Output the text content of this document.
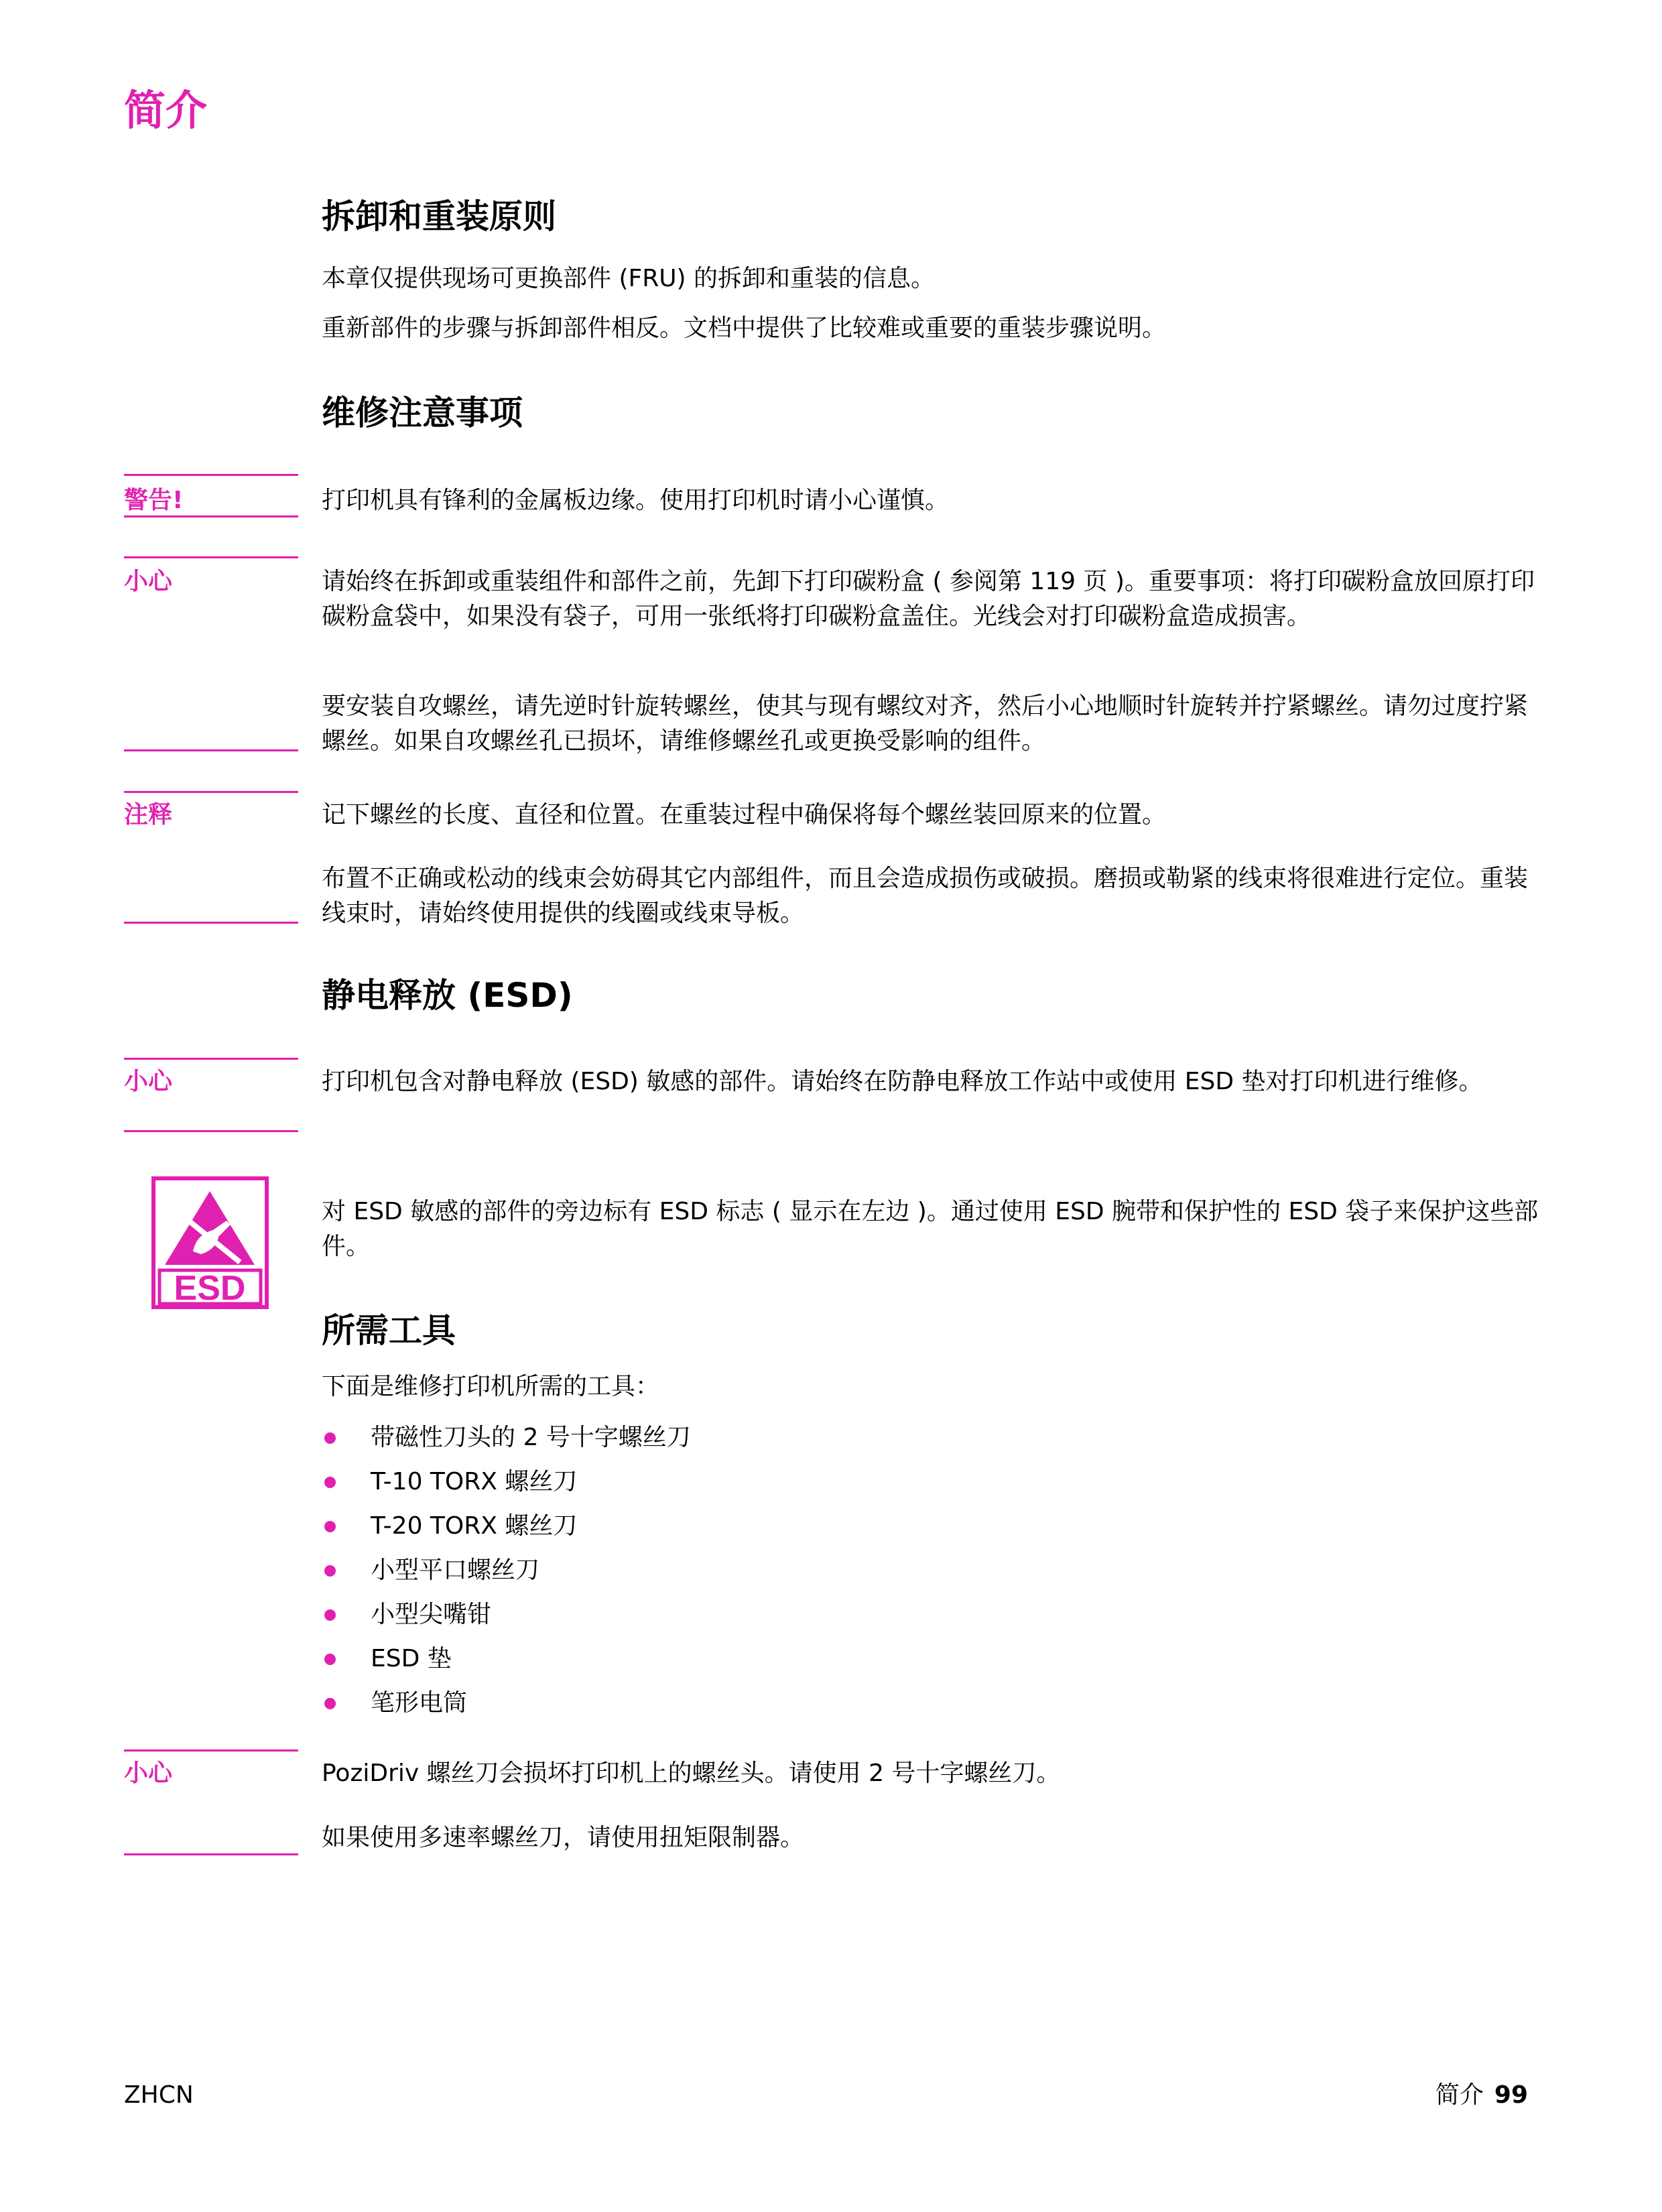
简介
拆卸和重装原则

本章仅提供现场可更换部件 (FRU) 的拆卸和重装的信息。

重新部件的步骤与拆卸部件相反。文档中提供了比较难或重要的重装步骤说明。

维修注意事项
警告!	打印机具有锋利的金属板边缘。使用打印机时请小心谨慎。

小心	请始终在拆卸或重装组件和部件之前，先卸下打印碳粉盒 ( 参阅第 119 页 )。重要事项：将打印碳粉盒放回原打印碳粉盒袋中，如果没有袋子，可用一张纸将打印碳粉盒盖住。光线会对打印碳粉盒造成损害。

要安装自攻螺丝，请先逆时针旋转螺丝，使其与现有螺纹对齐，然后小心地顺时针旋转并拧紧螺丝。请勿过度拧紧螺丝。如果自攻螺丝孔已损坏，请维修螺丝孔或更换受影响的组件。

注释	记下螺丝的长度、直径和位置。在重装过程中确保将每个螺丝装回原来的位置。

布置不正确或松动的线束会妨碍其它内部组件，而且会造成损伤或破损。磨损或勒紧的线束将很难进行定位。重装线束时，请始终使用提供的线圈或线束导板。

静电释放 (ESD)
小心	打印机包含对静电释放 (ESD) 敏感的部件。请始终在防静电释放工作站中或使用 ESD 垫对打印机进行维修。

ESD

对 ESD 敏感的部件的旁边标有 ESD 标志 ( 显示在左边 )。通过使用 ESD 腕带和保护性的 ESD 袋子来保护这些部件。

所需工具

下面是维修打印机所需的工具：

带磁性刀头的 2 号十字螺丝刀
T-10 TORX 螺丝刀
T-20 TORX 螺丝刀
小型平口螺丝刀
小型尖嘴钳
ESD 垫
笔形电筒
小心	PoziDriv 螺丝刀会损坏打印机上的螺丝头。请使用 2 号十字螺丝刀。

如果使用多速率螺丝刀，请使用扭矩限制器。

ZHCN	简介 99
